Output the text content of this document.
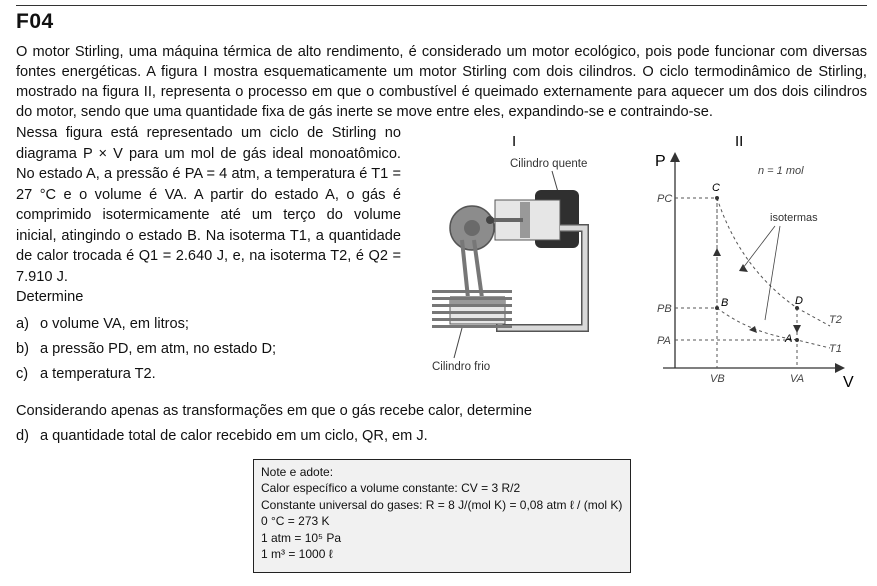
F04
O motor Stirling, uma máquina térmica de alto rendimento, é considerado um motor ecológico, pois pode funcionar com diversas fontes energéticas. A figura I mostra esquematicamente um motor Stirling com dois cilindros. O ciclo termodinâmico de Stirling, mostrado na figura II, representa o processo em que o combustível é queimado externamente para aquecer um dos dois cilindros do motor, sendo que uma quantidade fixa de gás inerte se move entre eles, expandindo-se e contraindo-se.

Nessa figura está representado um ciclo de Stirling no diagrama P × V para um mol de gás ideal monoatômico. No estado A, a pressão é PA = 4 atm, a temperatura é T1 = 27 °C e o volume é VA. A partir do estado A, o gás é comprimido isotermicamente até um terço do volume inicial, atingindo o estado B. Na isoterma T1, a quantidade de calor trocada é Q1 = 2.640 J, e, na isoterma T2, é Q2 = 7.910 J.

Determine

a) o volume VA, em litros;
b) a pressão PD, em atm, no estado D;
c) a temperatura T2.
Considerando apenas as transformações em que o gás recebe calor, determine
d) a quantidade total de calor recebido em um ciclo, QR, em J.
I
Cilindro quente
Cilindro frio
II
P
V
n = 1 mol
isotermas
C
B	D
A
PC
PB
PA
VB	VA
T2
T1
Note e adote:
Calor específico a volume constante: CV = 3 R/2
Constante universal do gases: R = 8 J/(mol K) = 0,08 atm ℓ / (mol K)
0 °C = 273 K
1 atm = 10⁵ Pa
1 m³ = 1000 ℓ
